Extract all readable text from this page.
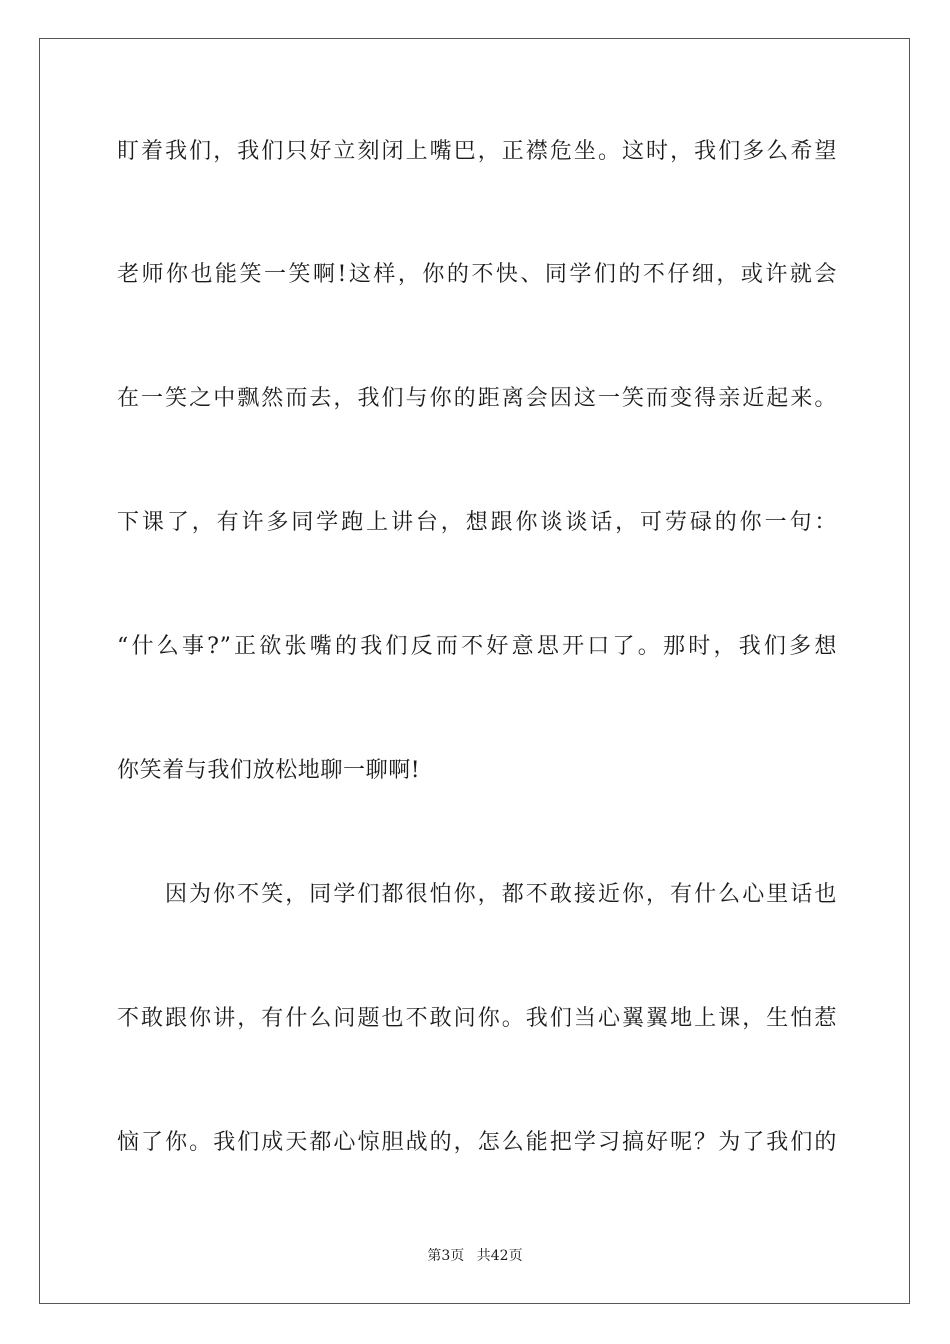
盯着我们，我们只好立刻闭上嘴巴，正襟危坐。这时，我们多么希望
老师你也能笑一笑啊!这样，你的不快、同学们的不仔细，或许就会
在一笑之中飘然而去，我们与你的距离会因这一笑而变得亲近起来。
下课了，有许多同学跑上讲台，想跟你谈谈话，可劳碌的你一句：
“什么事?”正欲张嘴的我们反而不好意思开口了。那时，我们多想
你笑着与我们放松地聊一聊啊!
因为你不笑，同学们都很怕你，都不敢接近你，有什么心里话也
不敢跟你讲，有什么问题也不敢问你。我们当心翼翼地上课，生怕惹
恼了你。我们成天都心惊胆战的，怎么能把学习搞好呢？为了我们的
第3页 共42页
